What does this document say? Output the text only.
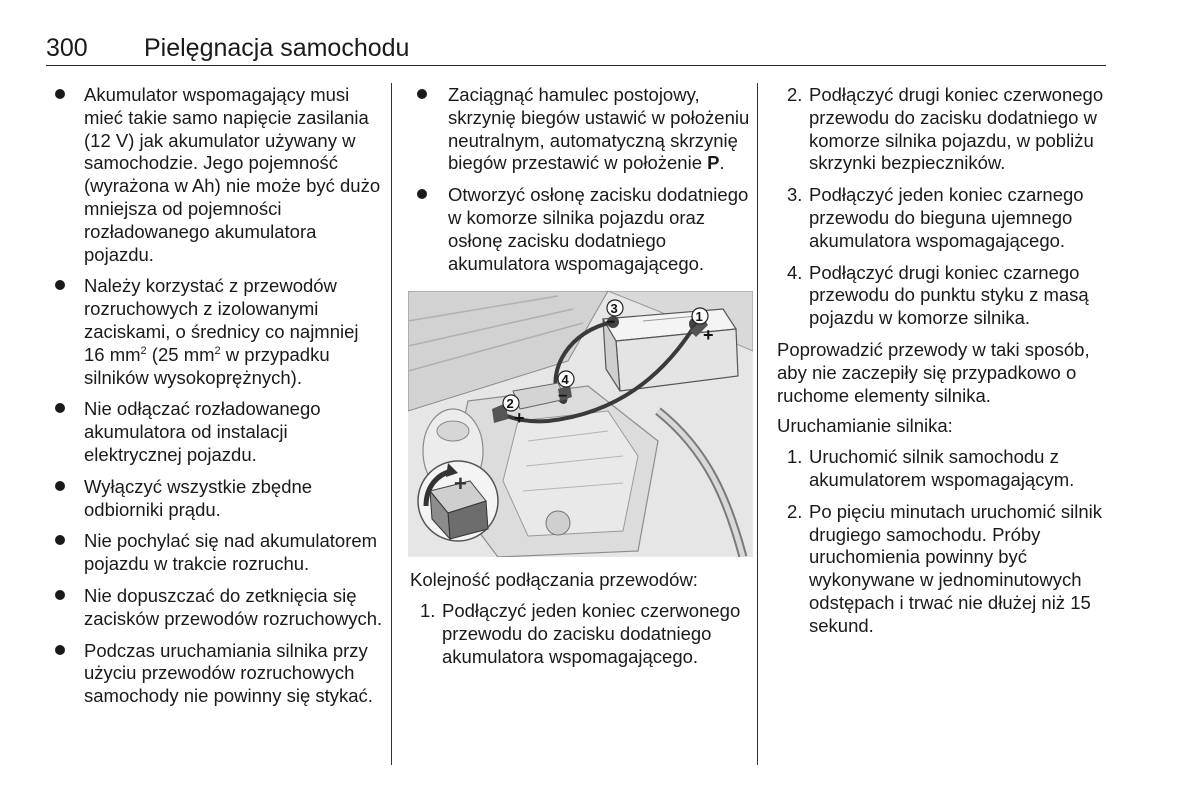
300 Pielęgnacja samochodu
Akumulator wspomagający musi mieć takie samo napięcie zasilania (12 V) jak akumulator używany w samochodzie. Jego pojemność (wyrażona w Ah) nie może być dużo mniejsza od pojemności rozładowanego akumulatora pojazdu.
Należy korzystać z przewodów rozruchowych z izolowanymi zaciskami, o średnicy co najmniej 16 $mm^2$ (25 $mm^2$ w przypadku silników wysokoprężnych).
Nie odłączać rozładowanego akumulatora od instalacji elektrycznej pojazdu.
Wyłączyć wszystkie zbędne odbiorniki prądu.
Nie pochylać się nad akumulatorem pojazdu w trakcie rozruchu.
Nie dopuszczać do zetknięcia się zacisków przewodów rozruchowych.
Podczas uruchamiania silnika przy użyciu przewodów rozruchowych samochody nie powinny się stykać.
Zaciągnąć hamulec postojowy, skrzynię biegów ustawić w położeniu neutralnym, automatyczną skrzynię biegów przestawić w położenie P.
Otworzyć osłonę zacisku dodatniego w komorze silnika pojazdu oraz osłonę zacisku dodatniego akumulatora wspomagającego.
1
+
3
−
4
−
2
+
+

Kolejność podłączania przewodów:

1. Podłączyć jeden koniec czerwonego przewodu do zacisku dodatniego akumulatora wspomagającego.
2. Podłączyć drugi koniec czerwonego przewodu do zacisku dodatniego w komorze silnika pojazdu, w pobliżu skrzynki bezpieczników.
3. Podłączyć jeden koniec czarnego przewodu do bieguna ujemnego akumulatora wspomagającego.
4. Podłączyć drugi koniec czarnego przewodu do punktu styku z masą pojazdu w komorze silnika.

Poprowadzić przewody w taki sposób, aby nie zaczepiły się przypadkowo o ruchome elementy silnika.

Uruchamianie silnika:

1. Uruchomić silnik samochodu z akumulatorem wspomagającym.
2. Po pięciu minutach uruchomić silnik drugiego samochodu. Próby uruchomienia powinny być wykonywane w jednominutowych odstępach i trwać nie dłużej niż 15 sekund.
